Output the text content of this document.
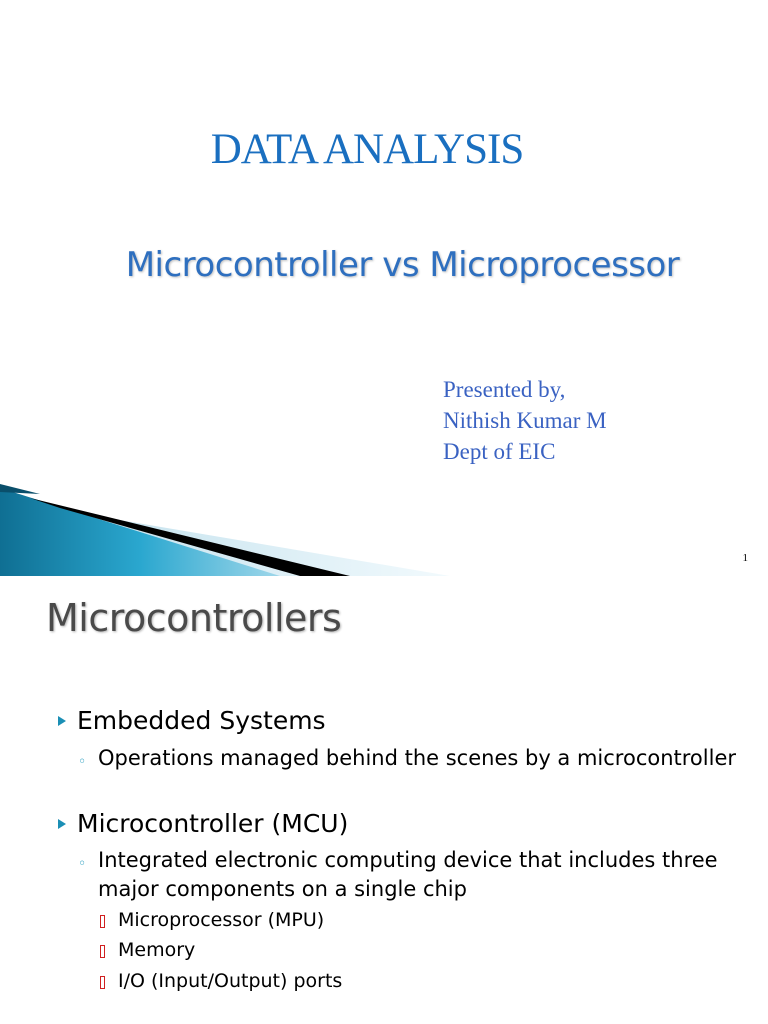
DATA ANALYSIS
Microcontroller vs Microprocessor
Presented by,
Nithish Kumar M
Dept of EIC
1
Microcontrollers
Embedded Systems
◦ Operations managed behind the scenes by a microcontroller
Microcontroller (MCU)
◦ Integrated electronic computing device that includes three major components on a single chip
Microprocessor (MPU)
Memory
I/O (Input/Output) ports
